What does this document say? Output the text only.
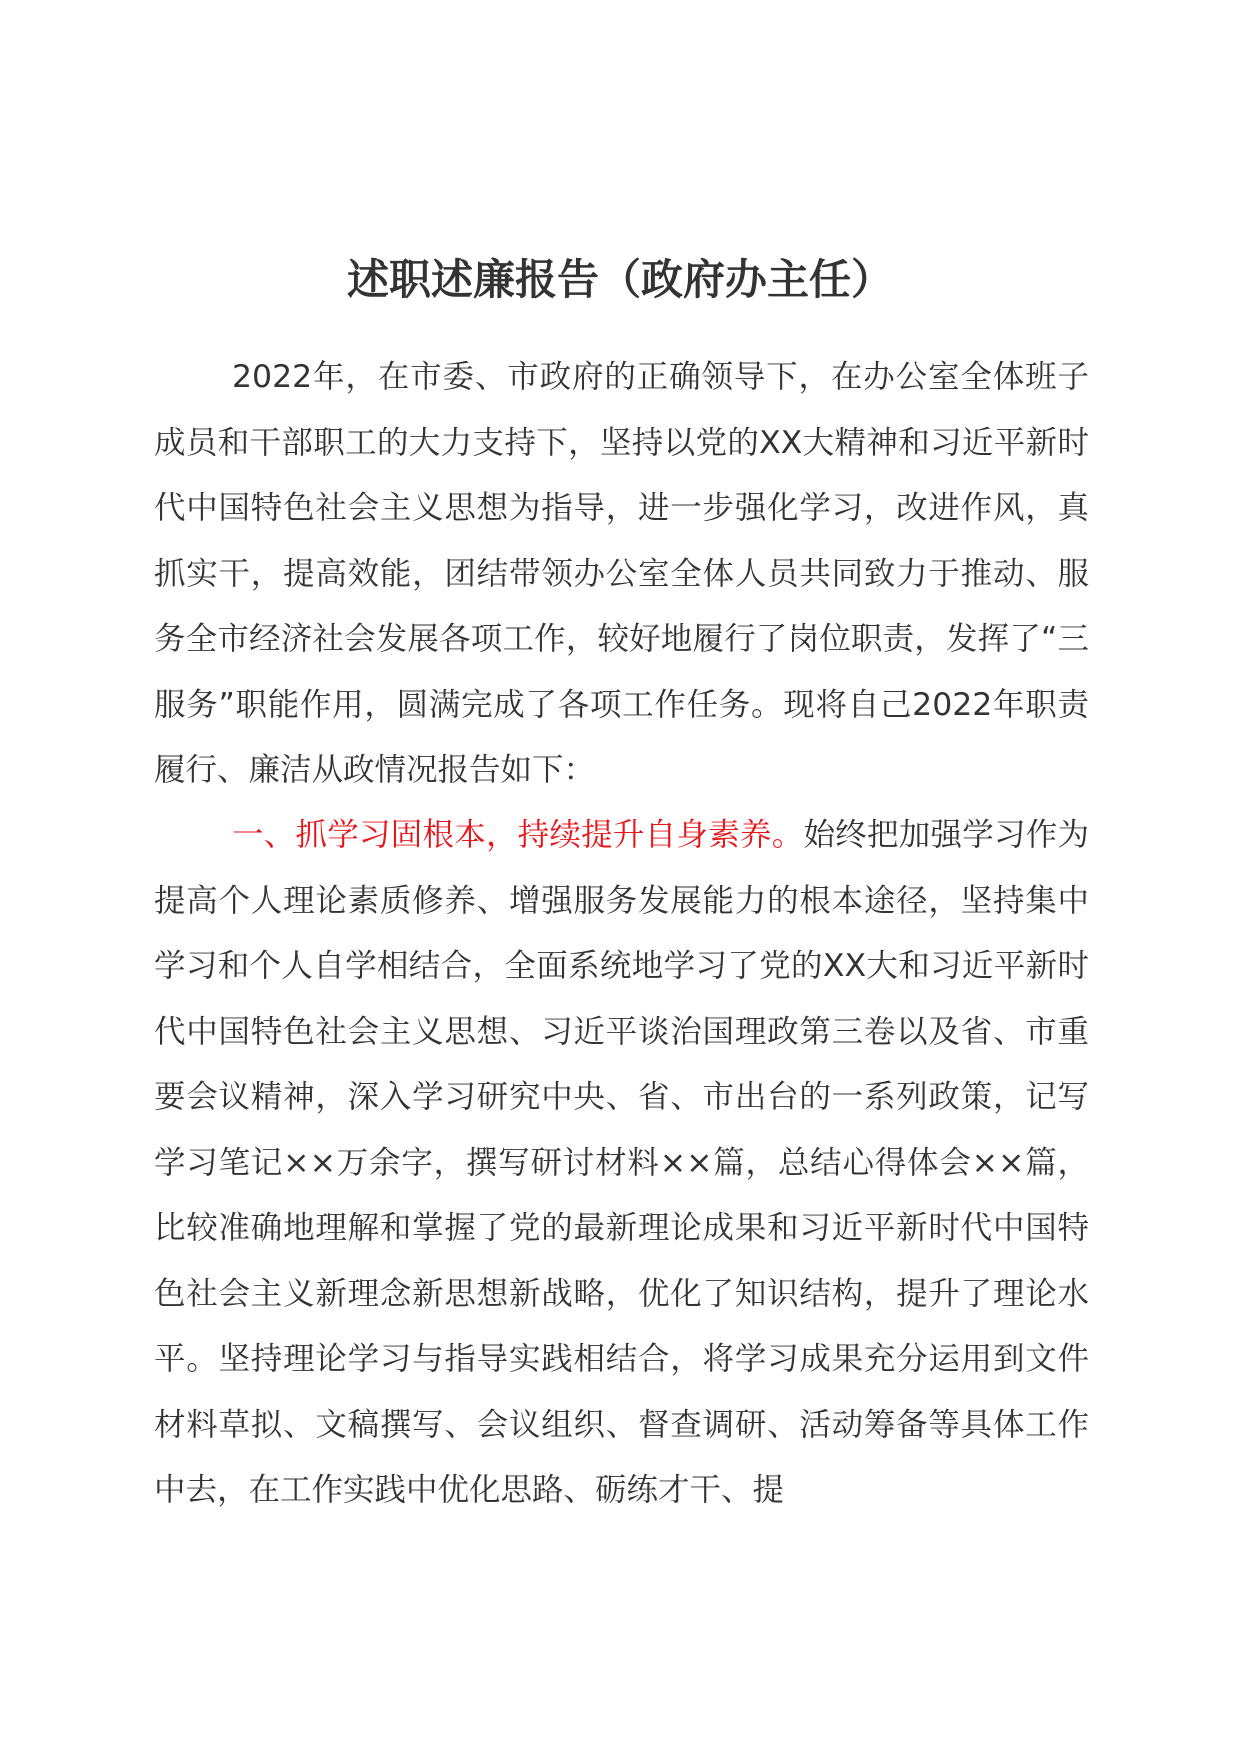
述职述廉报告（政府办主任）

2022年，在市委、市政府的正确领导下，在办公室全体班子成员和干部职工的大力支持下，坚持以党的XX大精神和习近平新时代中国特色社会主义思想为指导，进一步强化学习，改进作风，真抓实干，提高效能，团结带领办公室全体人员共同致力于推动、服务全市经济社会发展各项工作，较好地履行了岗位职责，发挥了“三服务”职能作用，圆满完成了各项工作任务。现将自己2022年职责履行、廉洁从政情况报告如下：

一、抓学习固根本，持续提升自身素养。始终把加强学习作为提高个人理论素质修养、增强服务发展能力的根本途径，坚持集中学习和个人自学相结合，全面系统地学习了党的XX大和习近平新时代中国特色社会主义思想、习近平谈治国理政第三卷以及省、市重要会议精神，深入学习研究中央、省、市出台的一系列政策，记写学习笔记××万余字，撰写研讨材料××篇，总结心得体会××篇，比较准确地理解和掌握了党的最新理论成果和习近平新时代中国特色社会主义新理念新思想新战略，优化了知识结构，提升了理论水平。坚持理论学习与指导实践相结合，将学习成果充分运用到文件材料草拟、文稿撰写、会议组织、督查调研、活动筹备等具体工作中去，在工作实践中优化思路、砺练才干、提
